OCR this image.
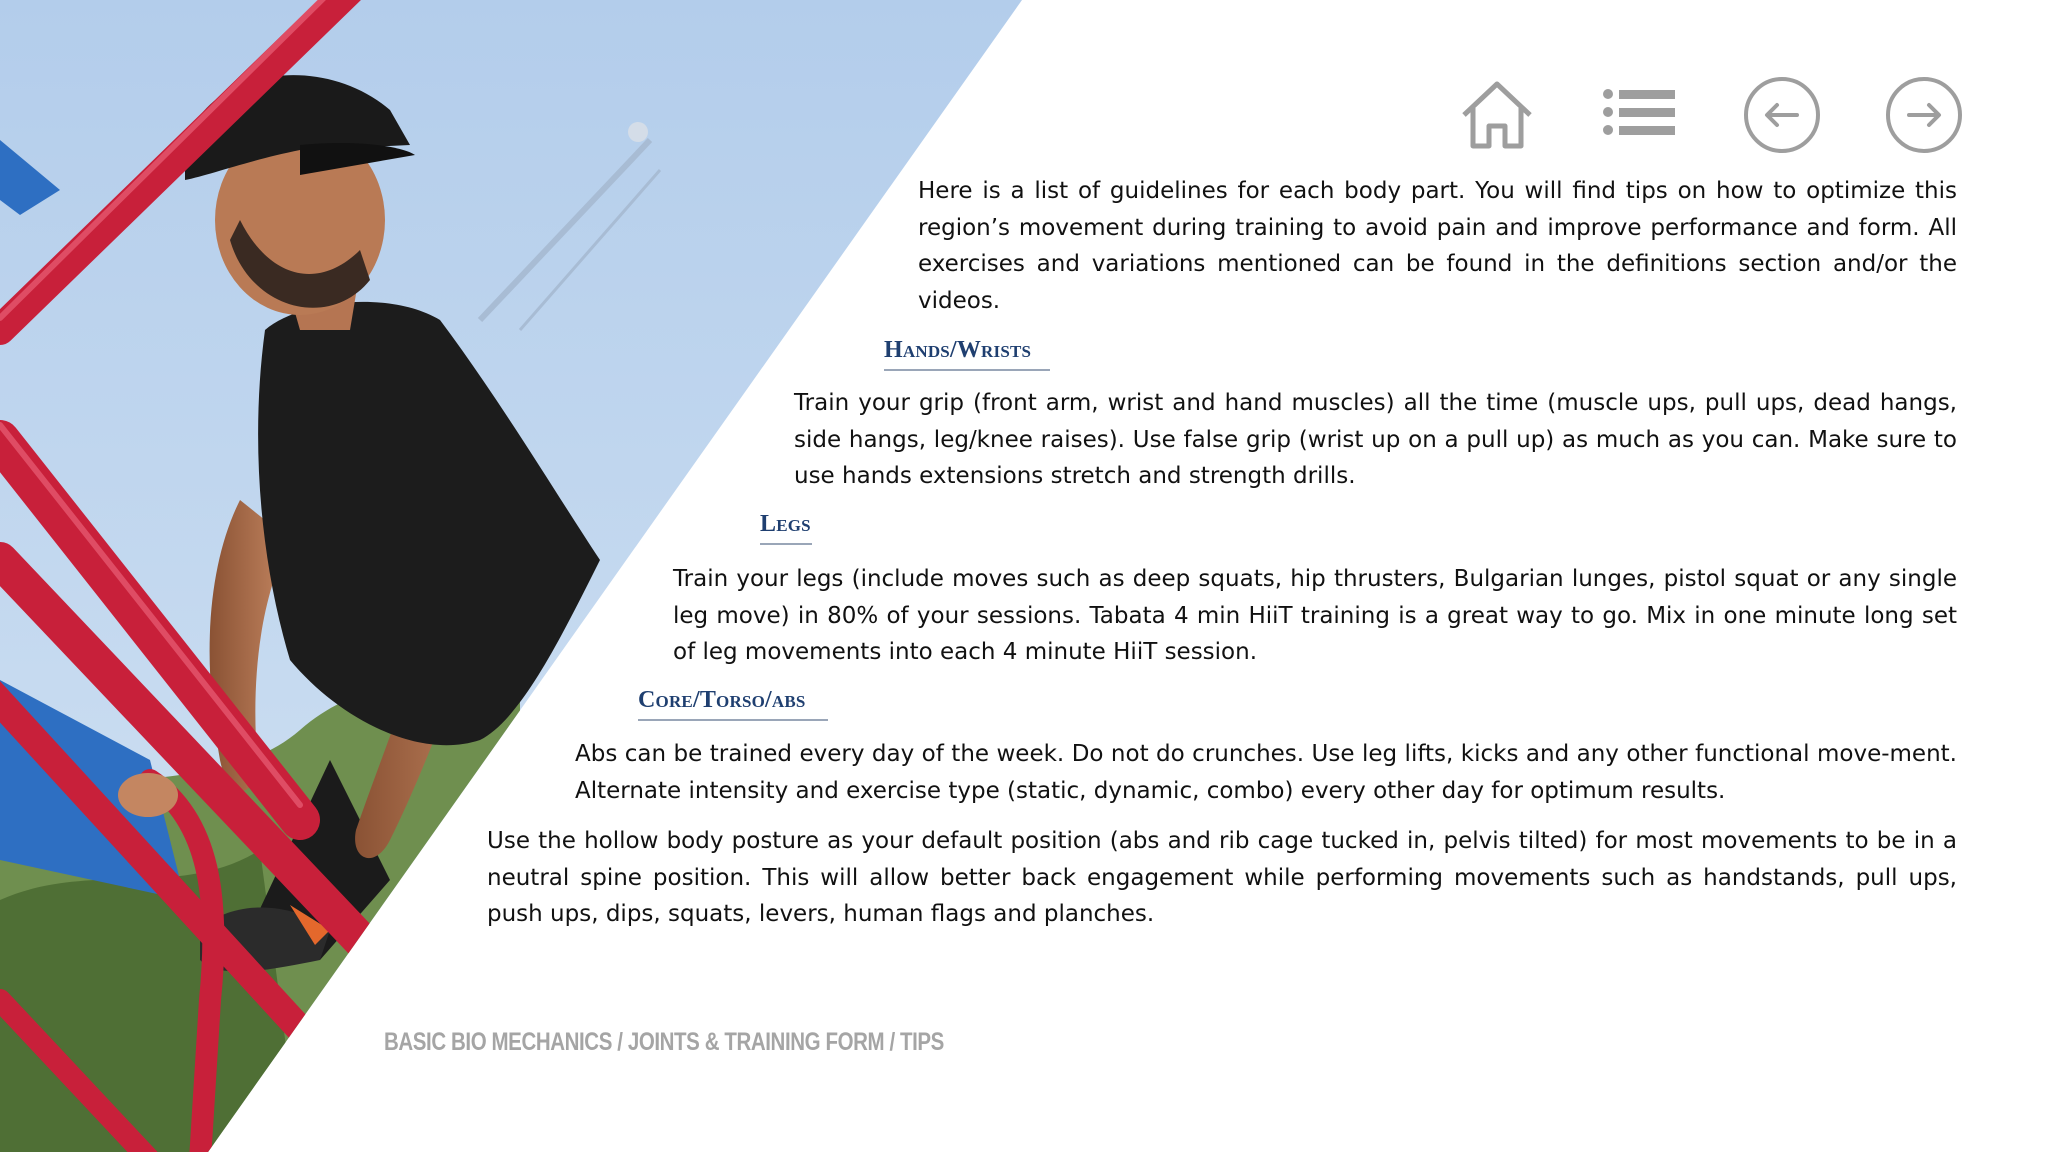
Here is a list of guidelines for each body part. You will find tips on how to optimize this region’s movement during training to avoid pain and improve performance and form. All exercises and variations mentioned can be found in the definitions section and/or the videos.

Hands/Wrists

Train your grip (front arm, wrist and hand muscles) all the time (muscle ups, pull ups, dead hangs, side hangs, leg/knee raises). Use false grip (wrist up on a pull up) as much as you can. Make sure to use hands extensions stretch and strength drills.

Legs

Train your legs (include moves such as deep squats, hip thrusters, Bulgarian lunges, pistol squat or any single leg move) in 80% of your sessions. Tabata 4 min HiiT training is a great way to go. Mix in one minute long set of leg movements into each 4 minute HiiT session.

Core/Torso/abs

Abs can be trained every day of the week. Do not do crunches. Use leg lifts, kicks and any other functional move-ment. Alternate intensity and exercise type (static, dynamic, combo) every other day for optimum results.

Use the hollow body posture as your default position (abs and rib cage tucked in, pelvis tilted) for most movements to be in a neutral spine position. This will allow better back engagement while performing movements such as handstands, pull ups, push ups, dips, squats, levers, human flags and planches.

BASIC BIO MECHANICS / JOINTS & TRAINING FORM / TIPS
